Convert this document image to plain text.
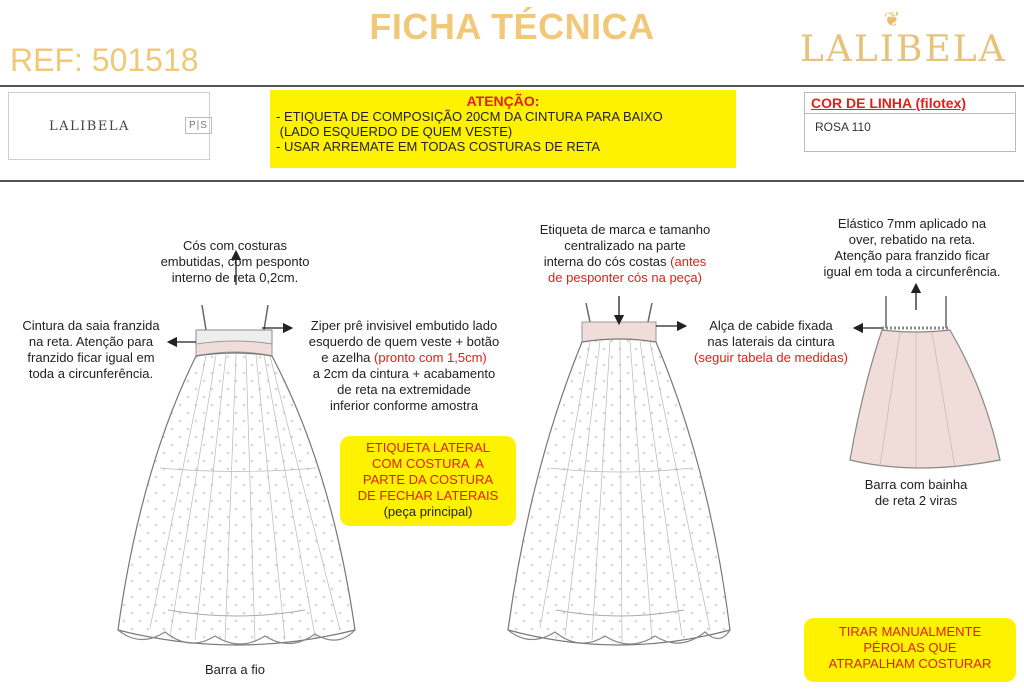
FICHA TÉCNICA
REF: 501518
❦
LALIBELA
LALIBELA	P|S
ATENÇÃO:
- ETIQUETA DE COMPOSIÇÃO 20CM DA CINTURA PARA BAIXO
(LADO ESQUERDO DE QUEM VESTE)
- USAR ARREMATE EM TODAS COSTURAS DE RETA
COR DE LINHA (filotex)
ROSA 110
Cós com costuras
embutidas, com pesponto
interno de reta 0,2cm.
Cintura da saia franzida
na reta. Atenção para
franzido ficar igual em
toda a circunferência.
Ziper prê invisivel embutido lado
esquerdo de quem veste + botão
e azelha (pronto com 1,5cm)
a 2cm da cintura + acabamento
de reta na extremidade
inferior conforme amostra
Barra a fio
ETIQUETA LATERAL
COM COSTURA  A
PARTE DA COSTURA
DE FECHAR LATERAIS
(peça principal)
Etiqueta de marca e tamanho
centralizado na parte
interna do cós costas (antes
de pesponter cós na peça)
Alça de cabide fixada
nas laterais da cintura
(seguir tabela de medidas)
Elástico 7mm aplicado na
over, rebatido na reta.
Atenção para franzido ficar
igual em toda a circunferência.
Barra com bainha
de reta 2 viras
TIRAR MANUALMENTE
PÉROLAS QUE
ATRAPALHAM COSTURAR
